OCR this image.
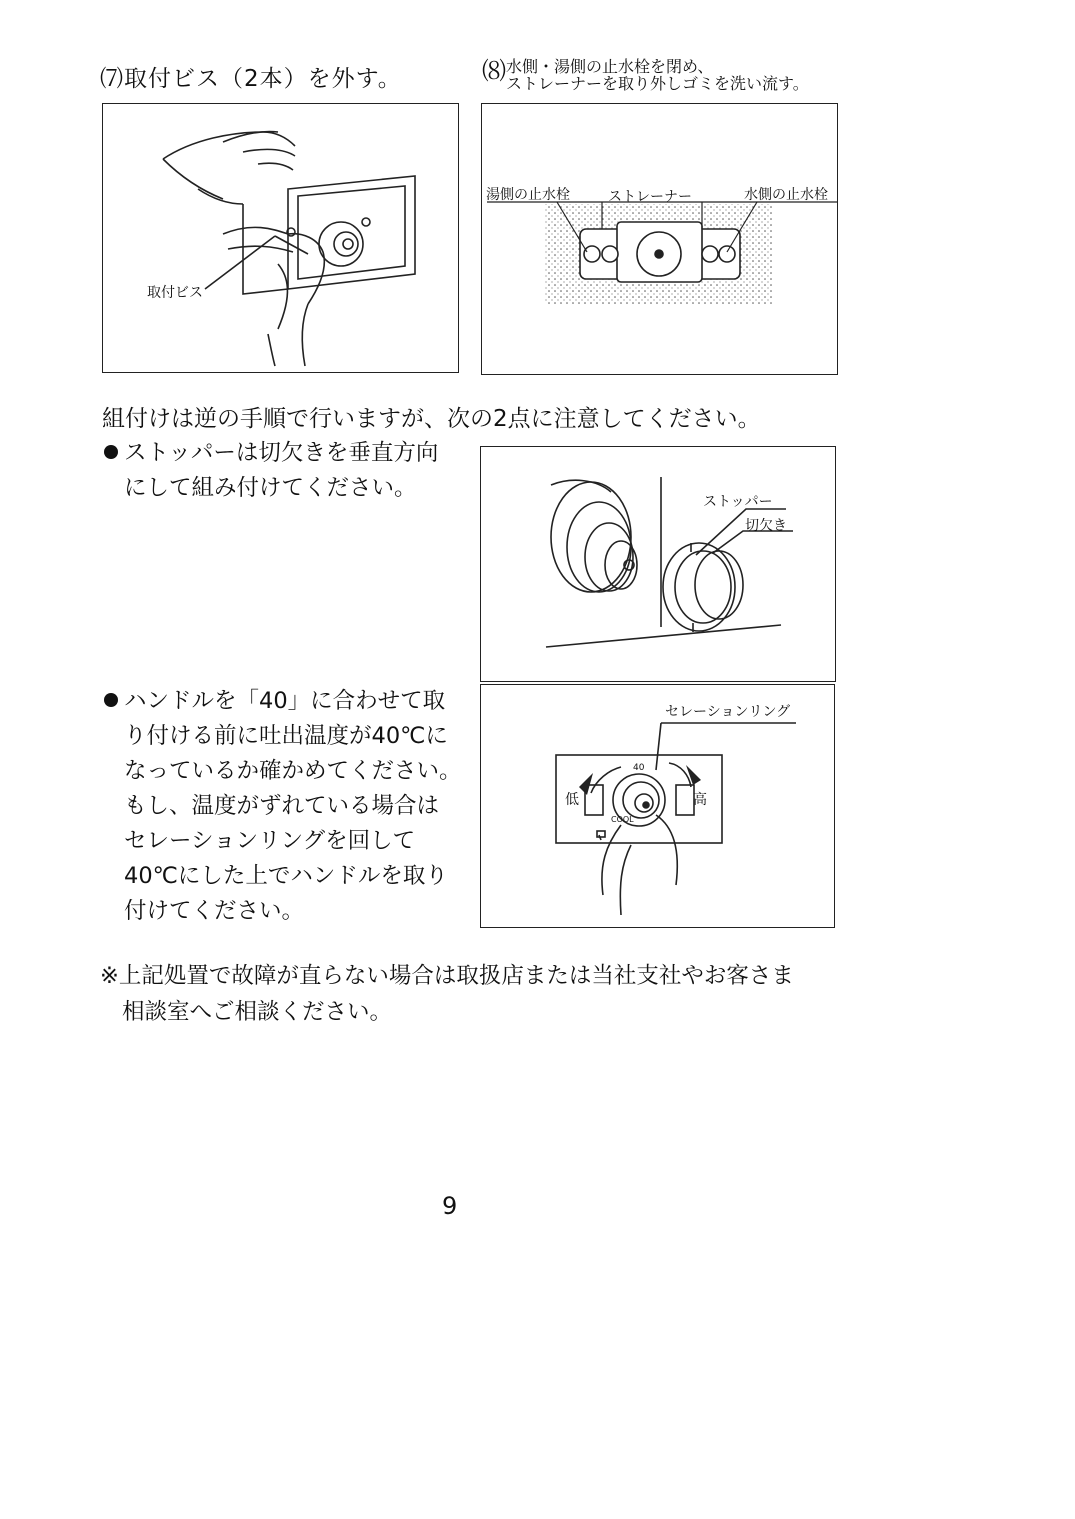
⑺取付ビス（2本）を外す。	⑻ 水側・湯側の止水栓を閉め、
ストレーナーを取り外しゴミを洗い流す。
取付ビス
湯側の止水栓	ストレーナー	水側の止水栓
組付けは逆の手順で行いますが、次の2点に注意してください。
ストッパーは切欠きを垂直方向
にして組み付けてください。
ストッパー
切欠き
ハンドルを「40」に合わせて取
り付ける前に吐出温度が40℃に
なっているか確かめてください。
もし、温度がずれている場合は
セレーションリングを回して
40℃にした上でハンドルを取り
付けてください。
セレーションリング
低	高
40
COOL
※上記処置で故障が直らない場合は取扱店または当社支社やお客さま
相談室へご相談ください。
9
